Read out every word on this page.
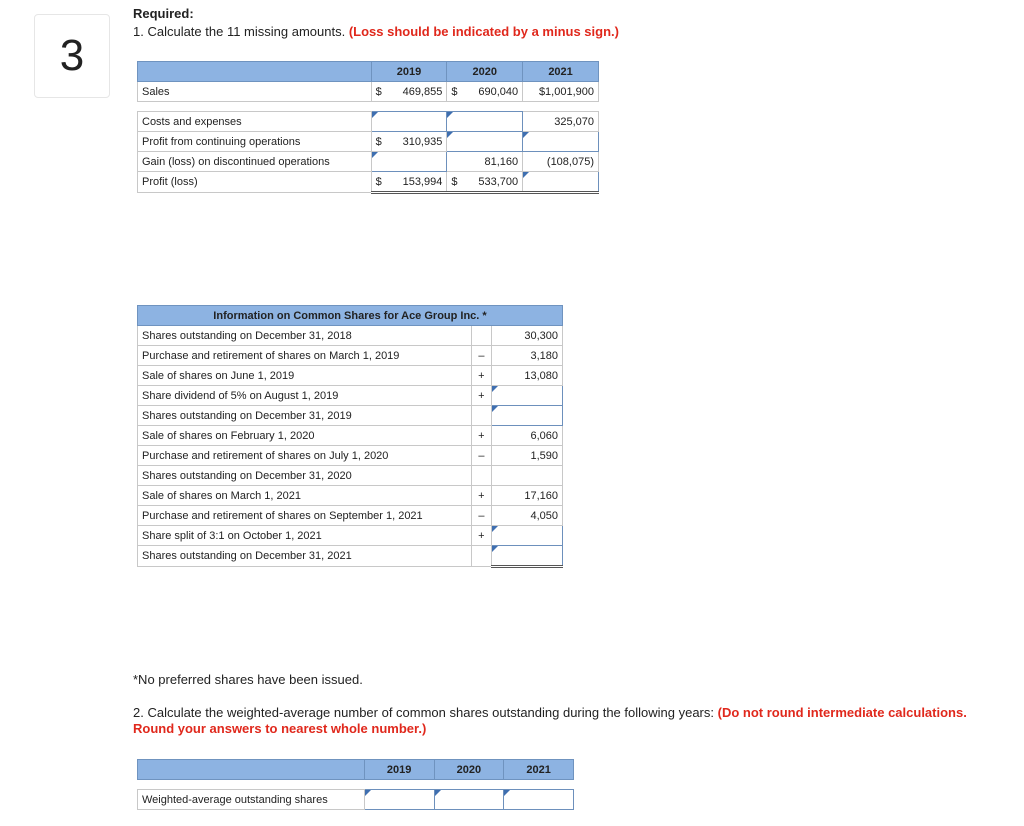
3
Required:
1. Calculate the 11 missing amounts. (Loss should be indicated by a minus sign.)
	2019	2020	2021
Sales	$ 469,855	$ 690,040	$1,001,900

Costs and expenses			325,070
Profit from continuing operations	$ 310,935		

Gain (loss) on discontinued operations		81,160	(108,075)
Profit (loss)	$ 153,994	$ 533,700	

Information on Common Shares for Ace Group Inc. *		
Shares outstanding on December 31, 2018		30,300
Purchase and retirement of shares on March 1, 2019	–	3,180
Sale of shares on June 1, 2019	+	13,080
Share dividend of 5% on August 1, 2019	+	
Shares outstanding on December 31, 2019		
Sale of shares on February 1, 2020	+	6,060
Purchase and retirement of shares on July 1, 2020	–	1,590
Shares outstanding on December 31, 2020		
Sale of shares on March 1, 2021	+	17,160
Purchase and retirement of shares on September 1, 2021	–	4,050
Share split of 3:1 on October 1, 2021	+	
Shares outstanding on December 31, 2021		
*No preferred shares have been issued.
2. Calculate the weighted-average number of common shares outstanding during the following years: (Do not round intermediate calculations. Round your answers to nearest whole number.)
	2019	2020	2021

Weighted-average outstanding shares			
